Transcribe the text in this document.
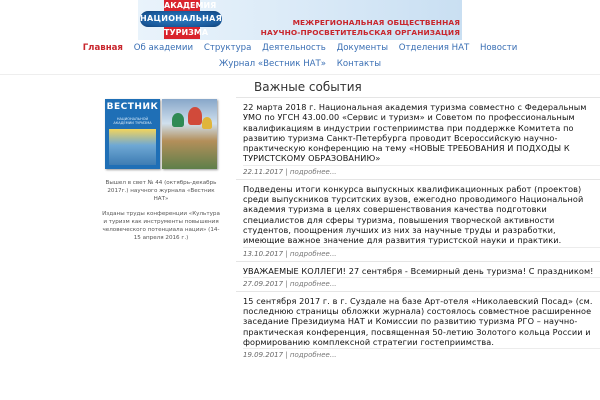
АКАДЕМИЯ
НАЦИОНАЛЬНАЯ
ТУРИЗМА
МЕЖРЕГИОНАЛЬНАЯ ОБЩЕСТВЕННАЯ
НАУЧНО-ПРОСВЕТИТЕЛЬСКАЯ ОРГАНИЗАЦИЯ
Главная Об академии Структура Деятельность Документы Отделения НАТ Новости
Журнал «Вестник НАТ» Контакты
Важные события
ВЕСТНИК
НАЦИОНАЛЬНОЙ АКАДЕМИИ ТУРИЗМА

Вышел в свет № 44 (октябрь-декабрь 2017г.) научного журнала «Вестник НАТ»

Изданы труды конференции «Культура и туризм как инструменты повышения человеческого потенциала нации» (14-15 апреля 2016 г.)

22 марта 2018 г. Национальная академия туризма совместно с Федеральным УМО по УГСН 43.00.00 «Сервис и туризм» и Советом по профессиональным квалификациям в индустрии гостеприимства при поддержке Комитета по развитию туризма Санкт-Петербурга проводит Всероссийскую научно-практическую конференцию на тему «НОВЫЕ ТРЕБОВАНИЯ И ПОДХОДЫ К ТУРИСТСКОМУ ОБРАЗОВАНИЮ»
22.11.2017 | подробнее...
Подведены итоги конкурса выпускных квалификационных работ (проектов) среди выпускников турситских вузов, ежегодно проводимого Национальной академия туризма в целях совершенствования качества подготовки специалистов для сферы туризма, повышения творческой активности студентов, поощрения лучших из них за научные труды и разработки, имеющие важное значение для развития туристской науки и практики.
13.10.2017 | подробнее...
УВАЖАЕМЫЕ КОЛЛЕГИ! 27 сентября - Всемирный день туризма! С праздником!
27.09.2017 | подробнее...
15 сентября 2017 г. в г. Суздале на базе Арт-отеля «Николаевский Посад» (см. последнюю страницы обложки журнала) состоялось совместное расширенное заседание Президиума НАТ и Комиссии по развитию туризма РГО – научно-практическая конференция, посвященная 50-летию Золотого кольца России и формированию комплексной стратегии гостеприимства.
19.09.2017 | подробнее...
